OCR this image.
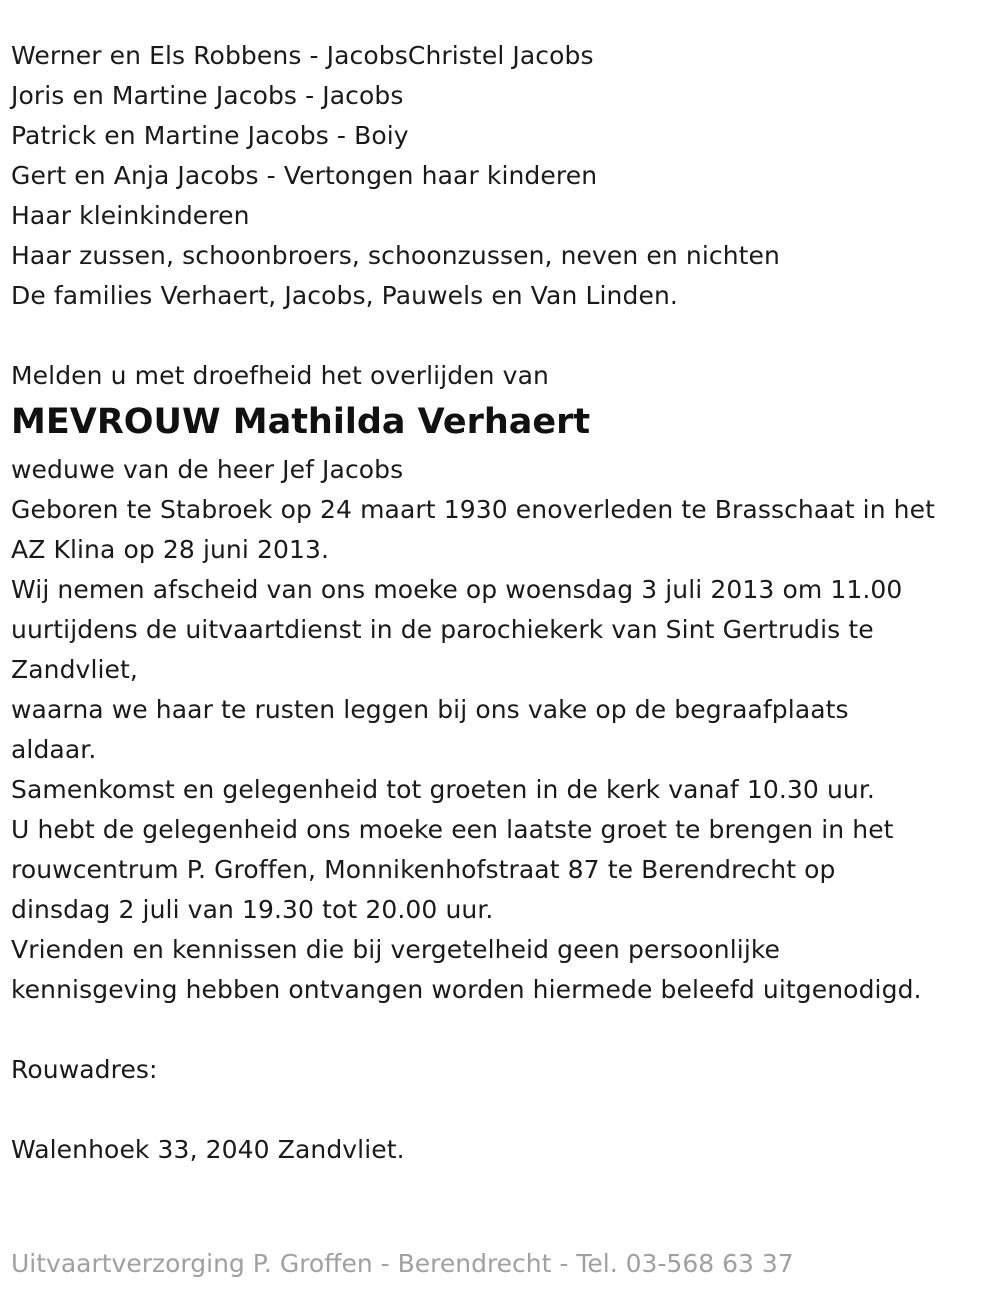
Werner en Els Robbens - JacobsChristel Jacobs
Joris en Martine Jacobs - Jacobs
Patrick en Martine Jacobs - Boiy
Gert en Anja Jacobs - Vertongen haar kinderen
Haar kleinkinderen
Haar zussen, schoonbroers, schoonzussen, neven en nichten
De families Verhaert, Jacobs, Pauwels en Van Linden.
Melden u met droefheid het overlijden van
MEVROUW Mathilda Verhaert
weduwe van de heer Jef Jacobs
Geboren te Stabroek op 24 maart 1930 enoverleden te Brasschaat in het
AZ Klina op 28 juni 2013.
Wij nemen afscheid van ons moeke op woensdag 3 juli 2013 om 11.00
uurtijdens de uitvaartdienst in de parochiekerk van Sint Gertrudis te
Zandvliet,
waarna we haar te rusten leggen bij ons vake op de begraafplaats
aldaar.
Samenkomst en gelegenheid tot groeten in de kerk vanaf 10.30 uur.
U hebt de gelegenheid ons moeke een laatste groet te brengen in het
rouwcentrum P. Groffen, Monnikenhofstraat 87 te Berendrecht op
dinsdag 2 juli van 19.30 tot 20.00 uur.
Vrienden en kennissen die bij vergetelheid geen persoonlijke
kennisgeving hebben ontvangen worden hiermede beleefd uitgenodigd.
Rouwadres:
Walenhoek 33, 2040 Zandvliet.
Uitvaartverzorging P. Groffen - Berendrecht - Tel. 03-568 63 37
